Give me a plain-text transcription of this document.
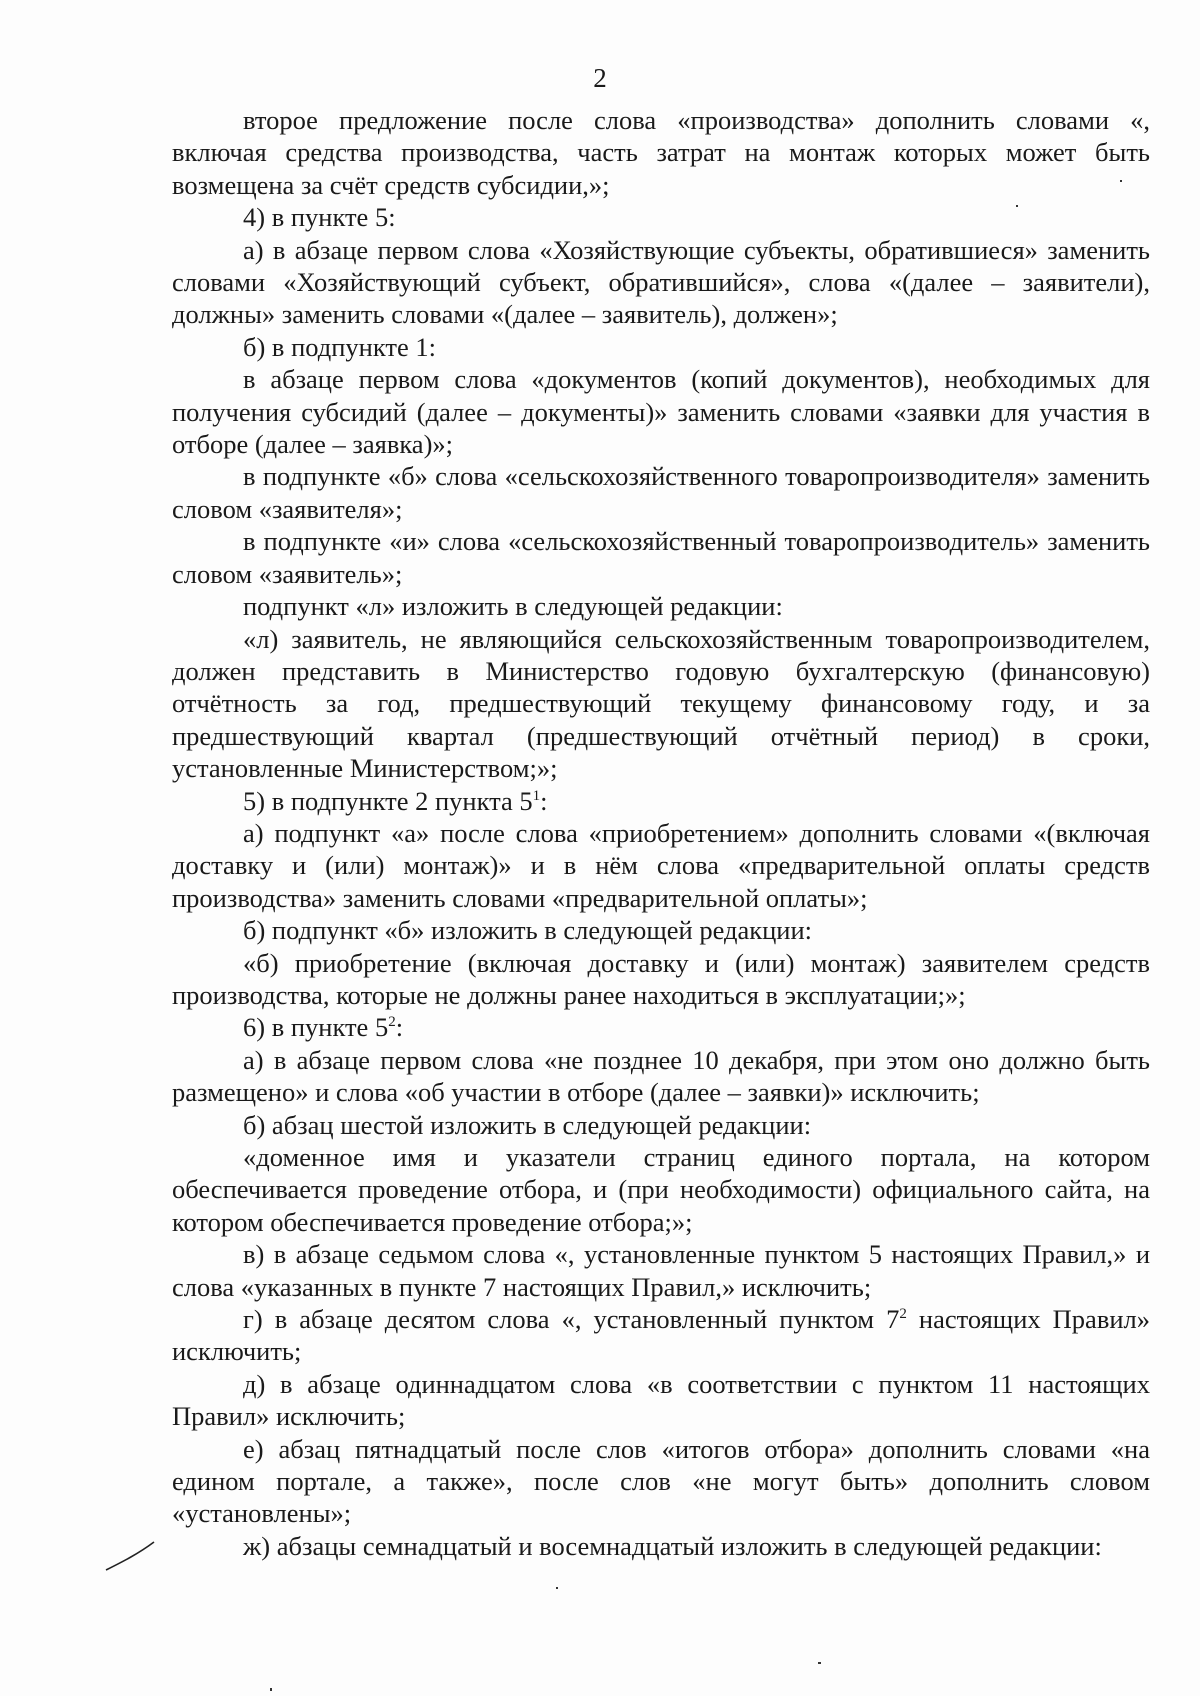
2

второе предложение после слова «производства» дополнить словами «, включая средства производства, часть затрат на монтаж которых может быть возмещена за счёт средств субсидии,»;

4) в пункте 5:

а) в абзаце первом слова «Хозяйствующие субъекты, обратившиеся» заменить словами «Хозяйствующий субъект, обратившийся», слова «(далее – заявители), должны» заменить словами «(далее – заявитель), должен»;

б) в подпункте 1:

в абзаце первом слова «документов (копий документов), необходимых для получения субсидий (далее – документы)» заменить словами «заявки для участия в отборе (далее – заявка)»;

в подпункте «б» слова «сельскохозяйственного товаропроизводителя» заменить словом «заявителя»;

в подпункте «и» слова «сельскохозяйственный товаропроизводитель» заменить словом «заявитель»;

подпункт «л» изложить в следующей редакции:

«л) заявитель, не являющийся сельскохозяйственным товаропроизводителем, должен представить в Министерство годовую бухгалтерскую (финансовую) отчётность за год, предшествующий текущему финансовому году, и за предшествующий квартал (предшествующий отчётный период) в сроки, установленные Министерством;»;

5) в подпункте 2 пункта $5^1$:

а) подпункт «а» после слова «приобретением» дополнить словами «(включая доставку и (или) монтаж)» и в нём слова «предварительной оплаты средств производства» заменить словами «предварительной оплаты»;

б) подпункт «б» изложить в следующей редакции:

«б) приобретение (включая доставку и (или) монтаж) заявителем средств производства, которые не должны ранее находиться в эксплуатации;»;

6) в пункте $5^2$:

а) в абзаце первом слова «не позднее 10 декабря, при этом оно должно быть размещено» и слова «об участии в отборе (далее – заявки)» исключить;

б) абзац шестой изложить в следующей редакции:

«доменное имя и указатели страниц единого портала, на котором обеспечивается проведение отбора, и (при необходимости) официального сайта, на котором обеспечивается проведение отбора;»;

в) в абзаце седьмом слова «, установленные пунктом 5 настоящих Правил,» и слова «указанных в пункте 7 настоящих Правил,» исключить;

г) в абзаце десятом слова «, установленный пунктом $7^2$ настоящих Правил» исключить;

д) в абзаце одиннадцатом слова «в соответствии с пунктом 11 настоящих Правил» исключить;

е) абзац пятнадцатый после слов «итогов отбора» дополнить словами «на едином портале, а также», после слов «не могут быть» дополнить словом «установлены»;

ж) абзацы семнадцатый и восемнадцатый изложить в следующей редакции:
